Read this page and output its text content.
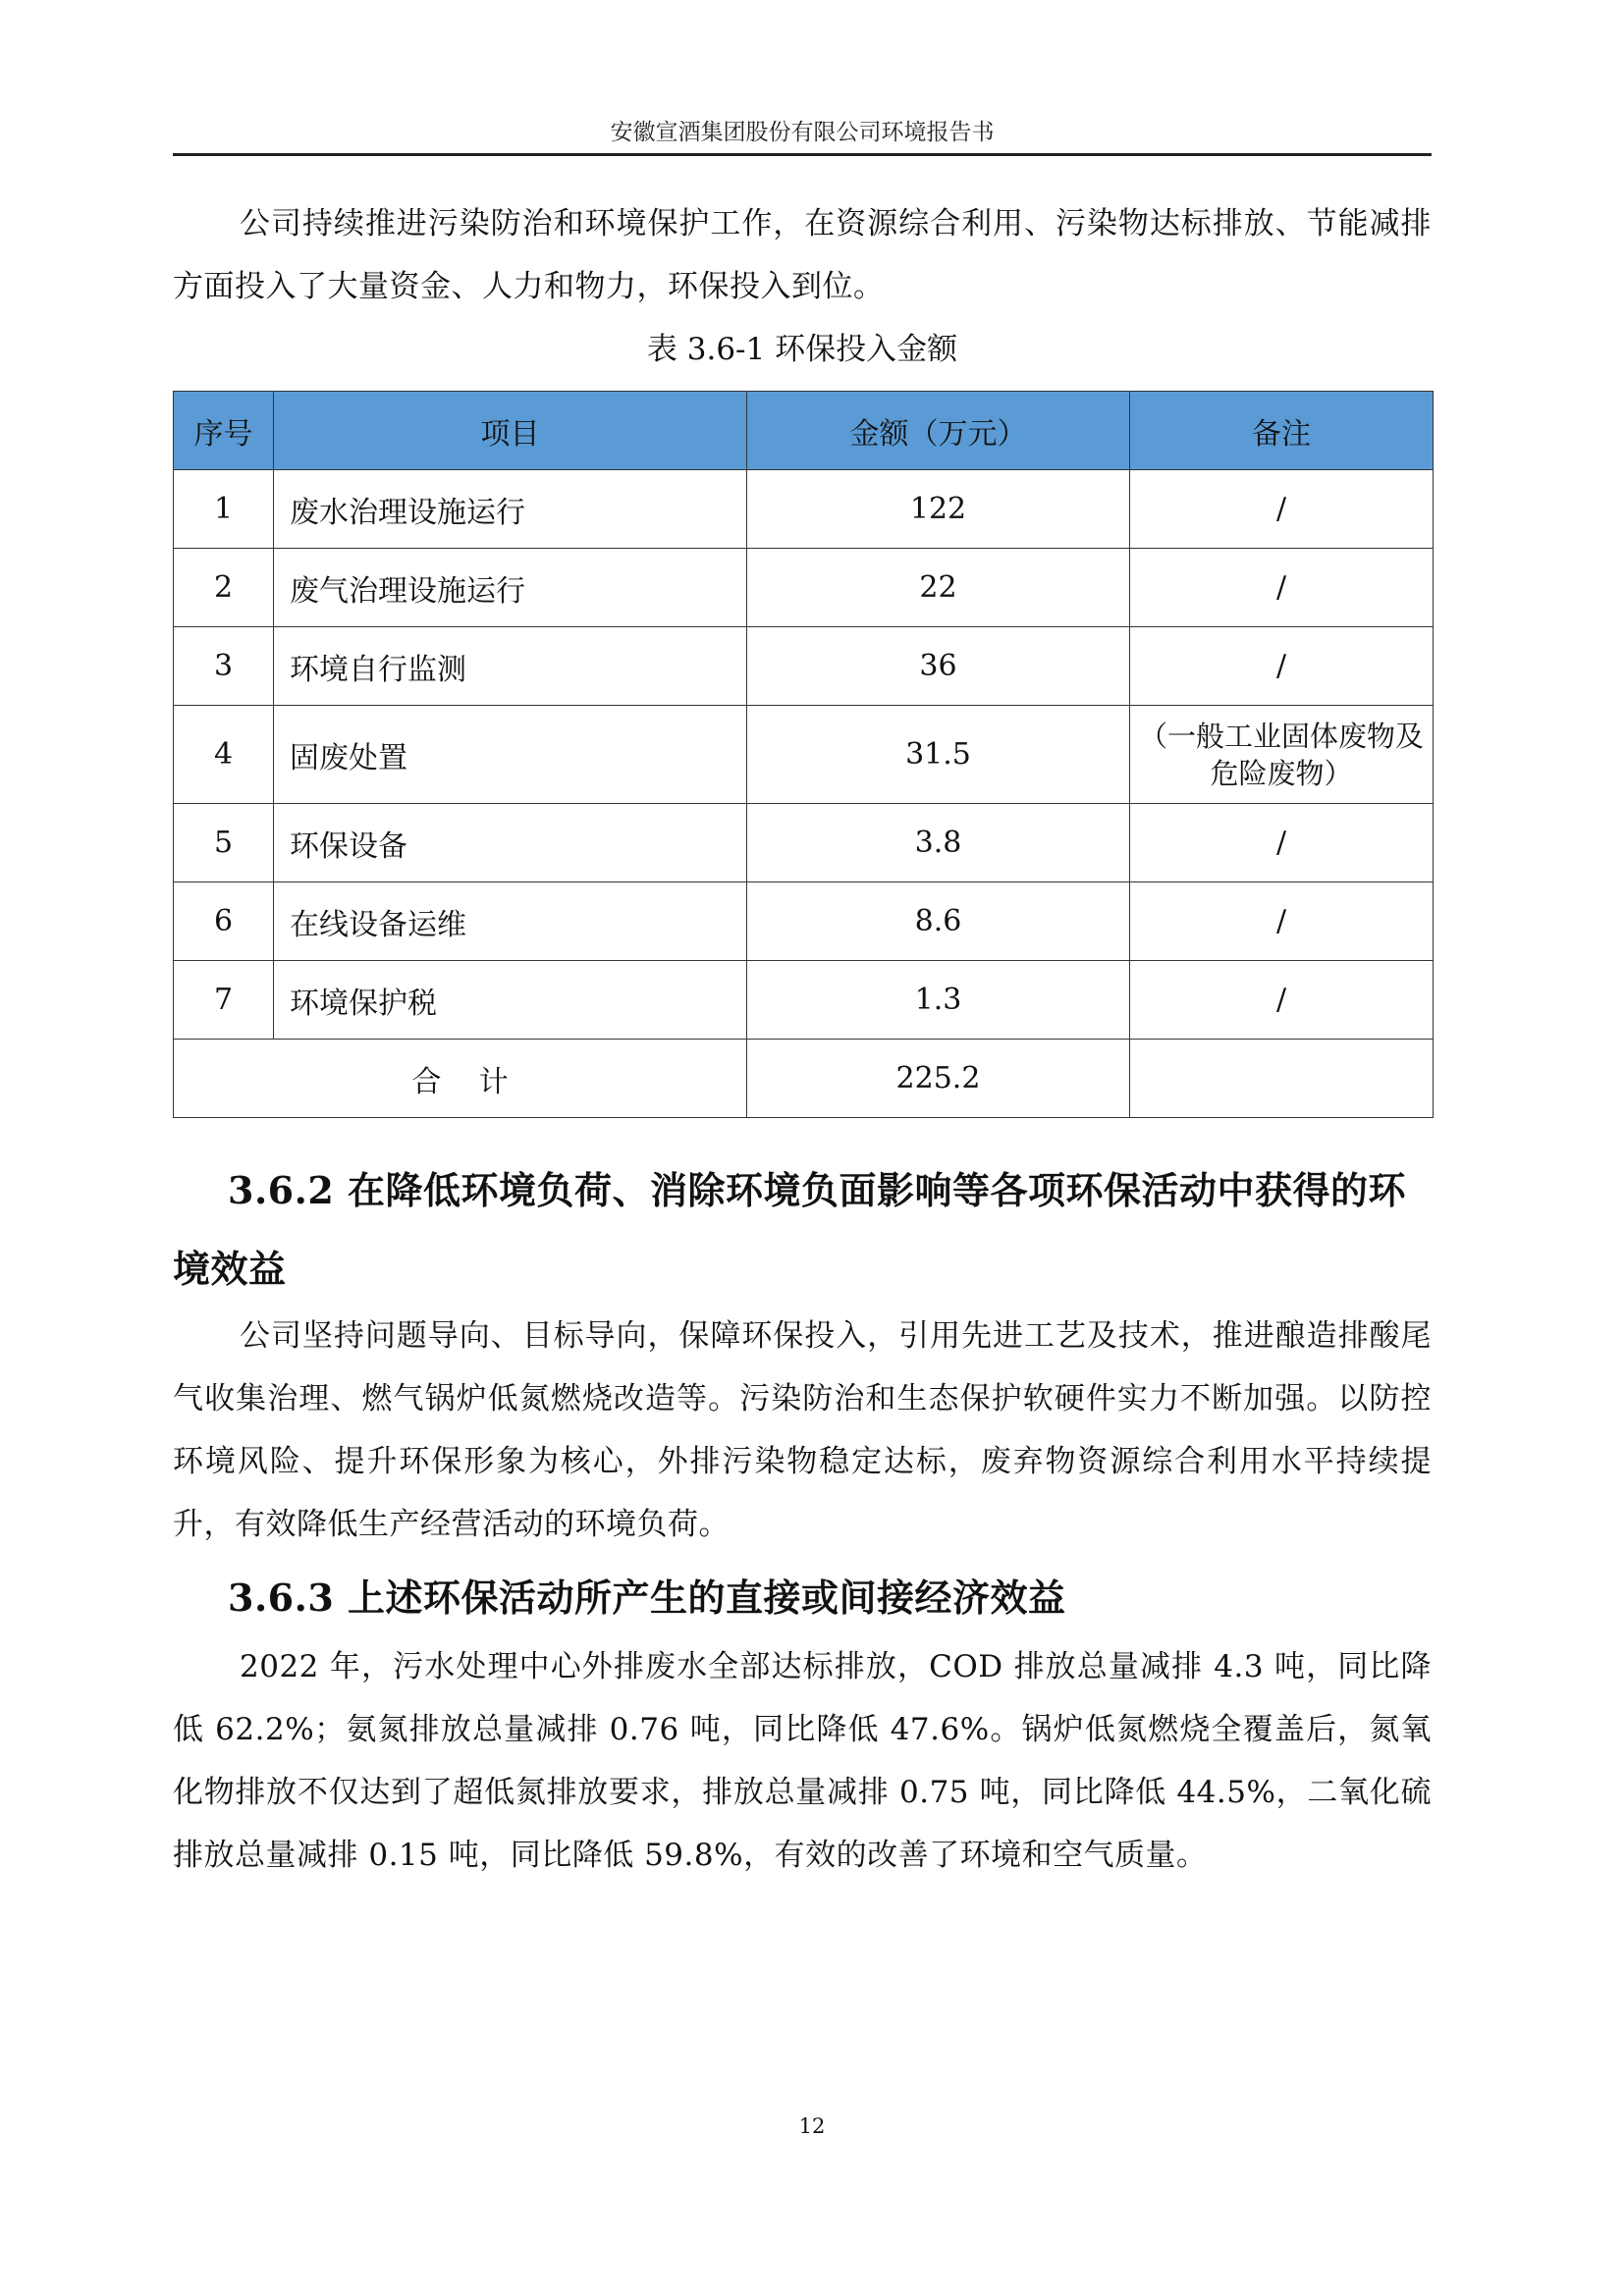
安徽宣酒集团股份有限公司环境报告书

公司持续推进污染防治和环境保护工作，在资源综合利用、污染物达标排放、节能减排方面投入了大量资金、人力和物力，环保投入到位。

表 3.6-1 环保投入金额
序号	项目	金额（万元）	备注
1	废水治理设施运行	122	/
2	废气治理设施运行	22	/
3	环境自行监测	36	/
4	固废处置	31.5	（一般工业固体废物及危险废物）
5	环保设备	3.8	/
6	在线设备运维	8.6	/
7	环境保护税	1.3	/
合    计		225.2	

3.6.2 在降低环境负荷、消除环境负面影响等各项环保活动中获得的环境效益

公司坚持问题导向、目标导向，保障环保投入，引用先进工艺及技术，推进酿造排酸尾气收集治理、燃气锅炉低氮燃烧改造等。污染防治和生态保护软硬件实力不断加强。以防控环境风险、提升环保形象为核心，外排污染物稳定达标，废弃物资源综合利用水平持续提升，有效降低生产经营活动的环境负荷。

3.6.3 上述环保活动所产生的直接或间接经济效益

2022 年，污水处理中心外排废水全部达标排放，COD 排放总量减排 4.3 吨，同比降低 62.2%；氨氮排放总量减排 0.76 吨，同比降低 47.6%。锅炉低氮燃烧全覆盖后，氮氧化物排放不仅达到了超低氮排放要求，排放总量减排 0.75 吨，同比降低 44.5%，二氧化硫排放总量减排 0.15 吨，同比降低 59.8%，有效的改善了环境和空气质量。

12
